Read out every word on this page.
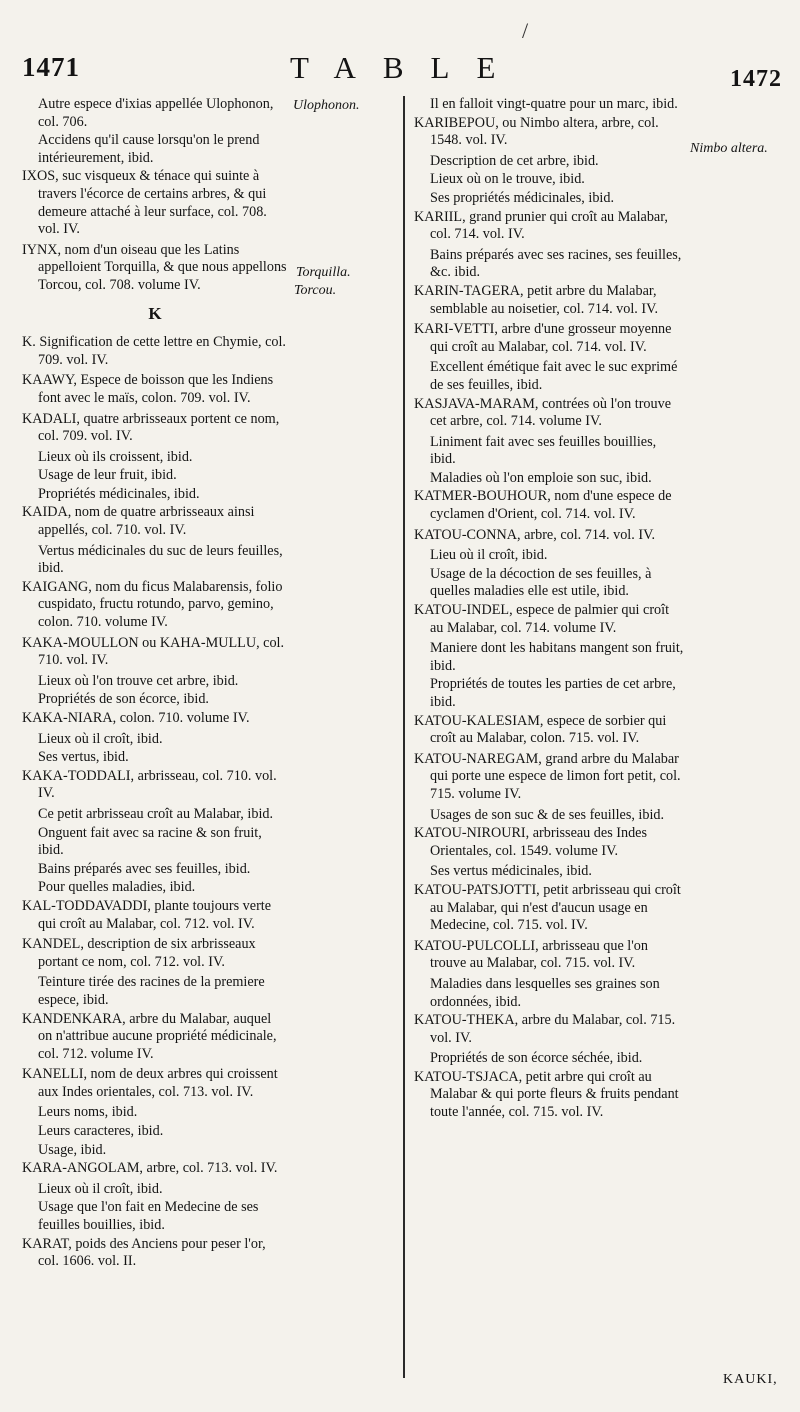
/
1471	TABLE	1472
Autre espece d'ixias appellée Ulophonon, col. 706.
Accidens qu'il cause lorsqu'on le prend intérieurement, ibid.
IXOS, suc visqueux & ténace qui suinte à travers l'écorce de certains arbres, & qui demeure attaché à leur surface, col. 708. vol. IV.
IYNX, nom d'un oiseau que les Latins appelloient Torquilla, & que nous appellons Torcou, col. 708. volume IV.
K
K. Signification de cette lettre en Chymie, col. 709. vol. IV.
KAAWY, Espece de boisson que les Indiens font avec le maïs, colon. 709. vol. IV.
KADALI, quatre arbrisseaux portent ce nom, col. 709. vol. IV.
Lieux où ils croissent, ibid.
Usage de leur fruit, ibid.
Propriétés médicinales, ibid.
KAIDA, nom de quatre arbrisseaux ainsi appellés, col. 710. vol. IV.
Vertus médicinales du suc de leurs feuilles, ibid.
KAIGANG, nom du ficus Malabarensis, folio cuspidato, fructu rotundo, parvo, gemino, colon. 710. volume IV.
KAKA-MOULLON ou KAHA-MULLU, col. 710. vol. IV.
Lieux où l'on trouve cet arbre, ibid.
Propriétés de son écorce, ibid.
KAKA-NIARA, colon. 710. volume IV.
Lieux où il croît, ibid.
Ses vertus, ibid.
KAKA-TODDALI, arbrisseau, col. 710. vol. IV.
Ce petit arbrisseau croît au Malabar, ibid.
Onguent fait avec sa racine & son fruit, ibid.
Bains préparés avec ses feuilles, ibid.
Pour quelles maladies, ibid.
KAL-TODDAVADDI, plante toujours verte qui croît au Malabar, col. 712. vol. IV.
KANDEL, description de six arbrisseaux portant ce nom, col. 712. vol. IV.
Teinture tirée des racines de la premiere espece, ibid.
KANDENKARA, arbre du Malabar, auquel on n'attribue aucune propriété médicinale, col. 712. volume IV.
KANELLI, nom de deux arbres qui croissent aux Indes orientales, col. 713. vol. IV.
Leurs noms, ibid.
Leurs caracteres, ibid.
Usage, ibid.
KARA-ANGOLAM, arbre, col. 713. vol. IV.
Lieux où il croît, ibid.
Usage que l'on fait en Medecine de ses feuilles bouillies, ibid.
KARAT, poids des Anciens pour peser l'or, col. 1606. vol. II.
Il en falloit vingt-quatre pour un marc, ibid.
KARIBEPOU, ou Nimbo altera, arbre, col. 1548. vol. IV.
Description de cet arbre, ibid.
Lieux où on le trouve, ibid.
Ses propriétés médicinales, ibid.
KARIIL, grand prunier qui croît au Malabar, col. 714. vol. IV.
Bains préparés avec ses racines, ses feuilles, &c. ibid.
KARIN-TAGERA, petit arbre du Malabar, semblable au noisetier, col. 714. vol. IV.
KARI-VETTI, arbre d'une grosseur moyenne qui croît au Malabar, col. 714. vol. IV.
Excellent émétique fait avec le suc exprimé de ses feuilles, ibid.
KASJAVA-MARAM, contrées où l'on trouve cet arbre, col. 714. volume IV.
Liniment fait avec ses feuilles bouillies, ibid.
Maladies où l'on emploie son suc, ibid.
KATMER-BOUHOUR, nom d'une espece de cyclamen d'Orient, col. 714. vol. IV.
KATOU-CONNA, arbre, col. 714. vol. IV.
Lieu où il croît, ibid.
Usage de la décoction de ses feuilles, à quelles maladies elle est utile, ibid.
KATOU-INDEL, espece de palmier qui croît au Malabar, col. 714. volume IV.
Maniere dont les habitans mangent son fruit, ibid.
Propriétés de toutes les parties de cet arbre, ibid.
KATOU-KALESIAM, espece de sorbier qui croît au Malabar, colon. 715. vol. IV.
KATOU-NAREGAM, grand arbre du Malabar qui porte une espece de limon fort petit, col. 715. volume IV.
Usages de son suc & de ses feuilles, ibid.
KATOU-NIROURI, arbrisseau des Indes Orientales, col. 1549. volume IV.
Ses vertus médicinales, ibid.
KATOU-PATSJOTTI, petit arbrisseau qui croît au Malabar, qui n'est d'aucun usage en Medecine, col. 715. vol. IV.
KATOU-PULCOLLI, arbrisseau que l'on trouve au Malabar, col. 715. vol. IV.
Maladies dans lesquelles ses graines son ordonnées, ibid.
KATOU-THEKA, arbre du Malabar, col. 715. vol. IV.
Propriétés de son écorce séchée, ibid.
KATOU-TSJACA, petit arbre qui croît au Malabar & qui porte fleurs & fruits pendant toute l'année, col. 715. vol. IV.
Ulophonon.
Torquilla.
Torcou.
Nimbo altera.
KAUKI,
